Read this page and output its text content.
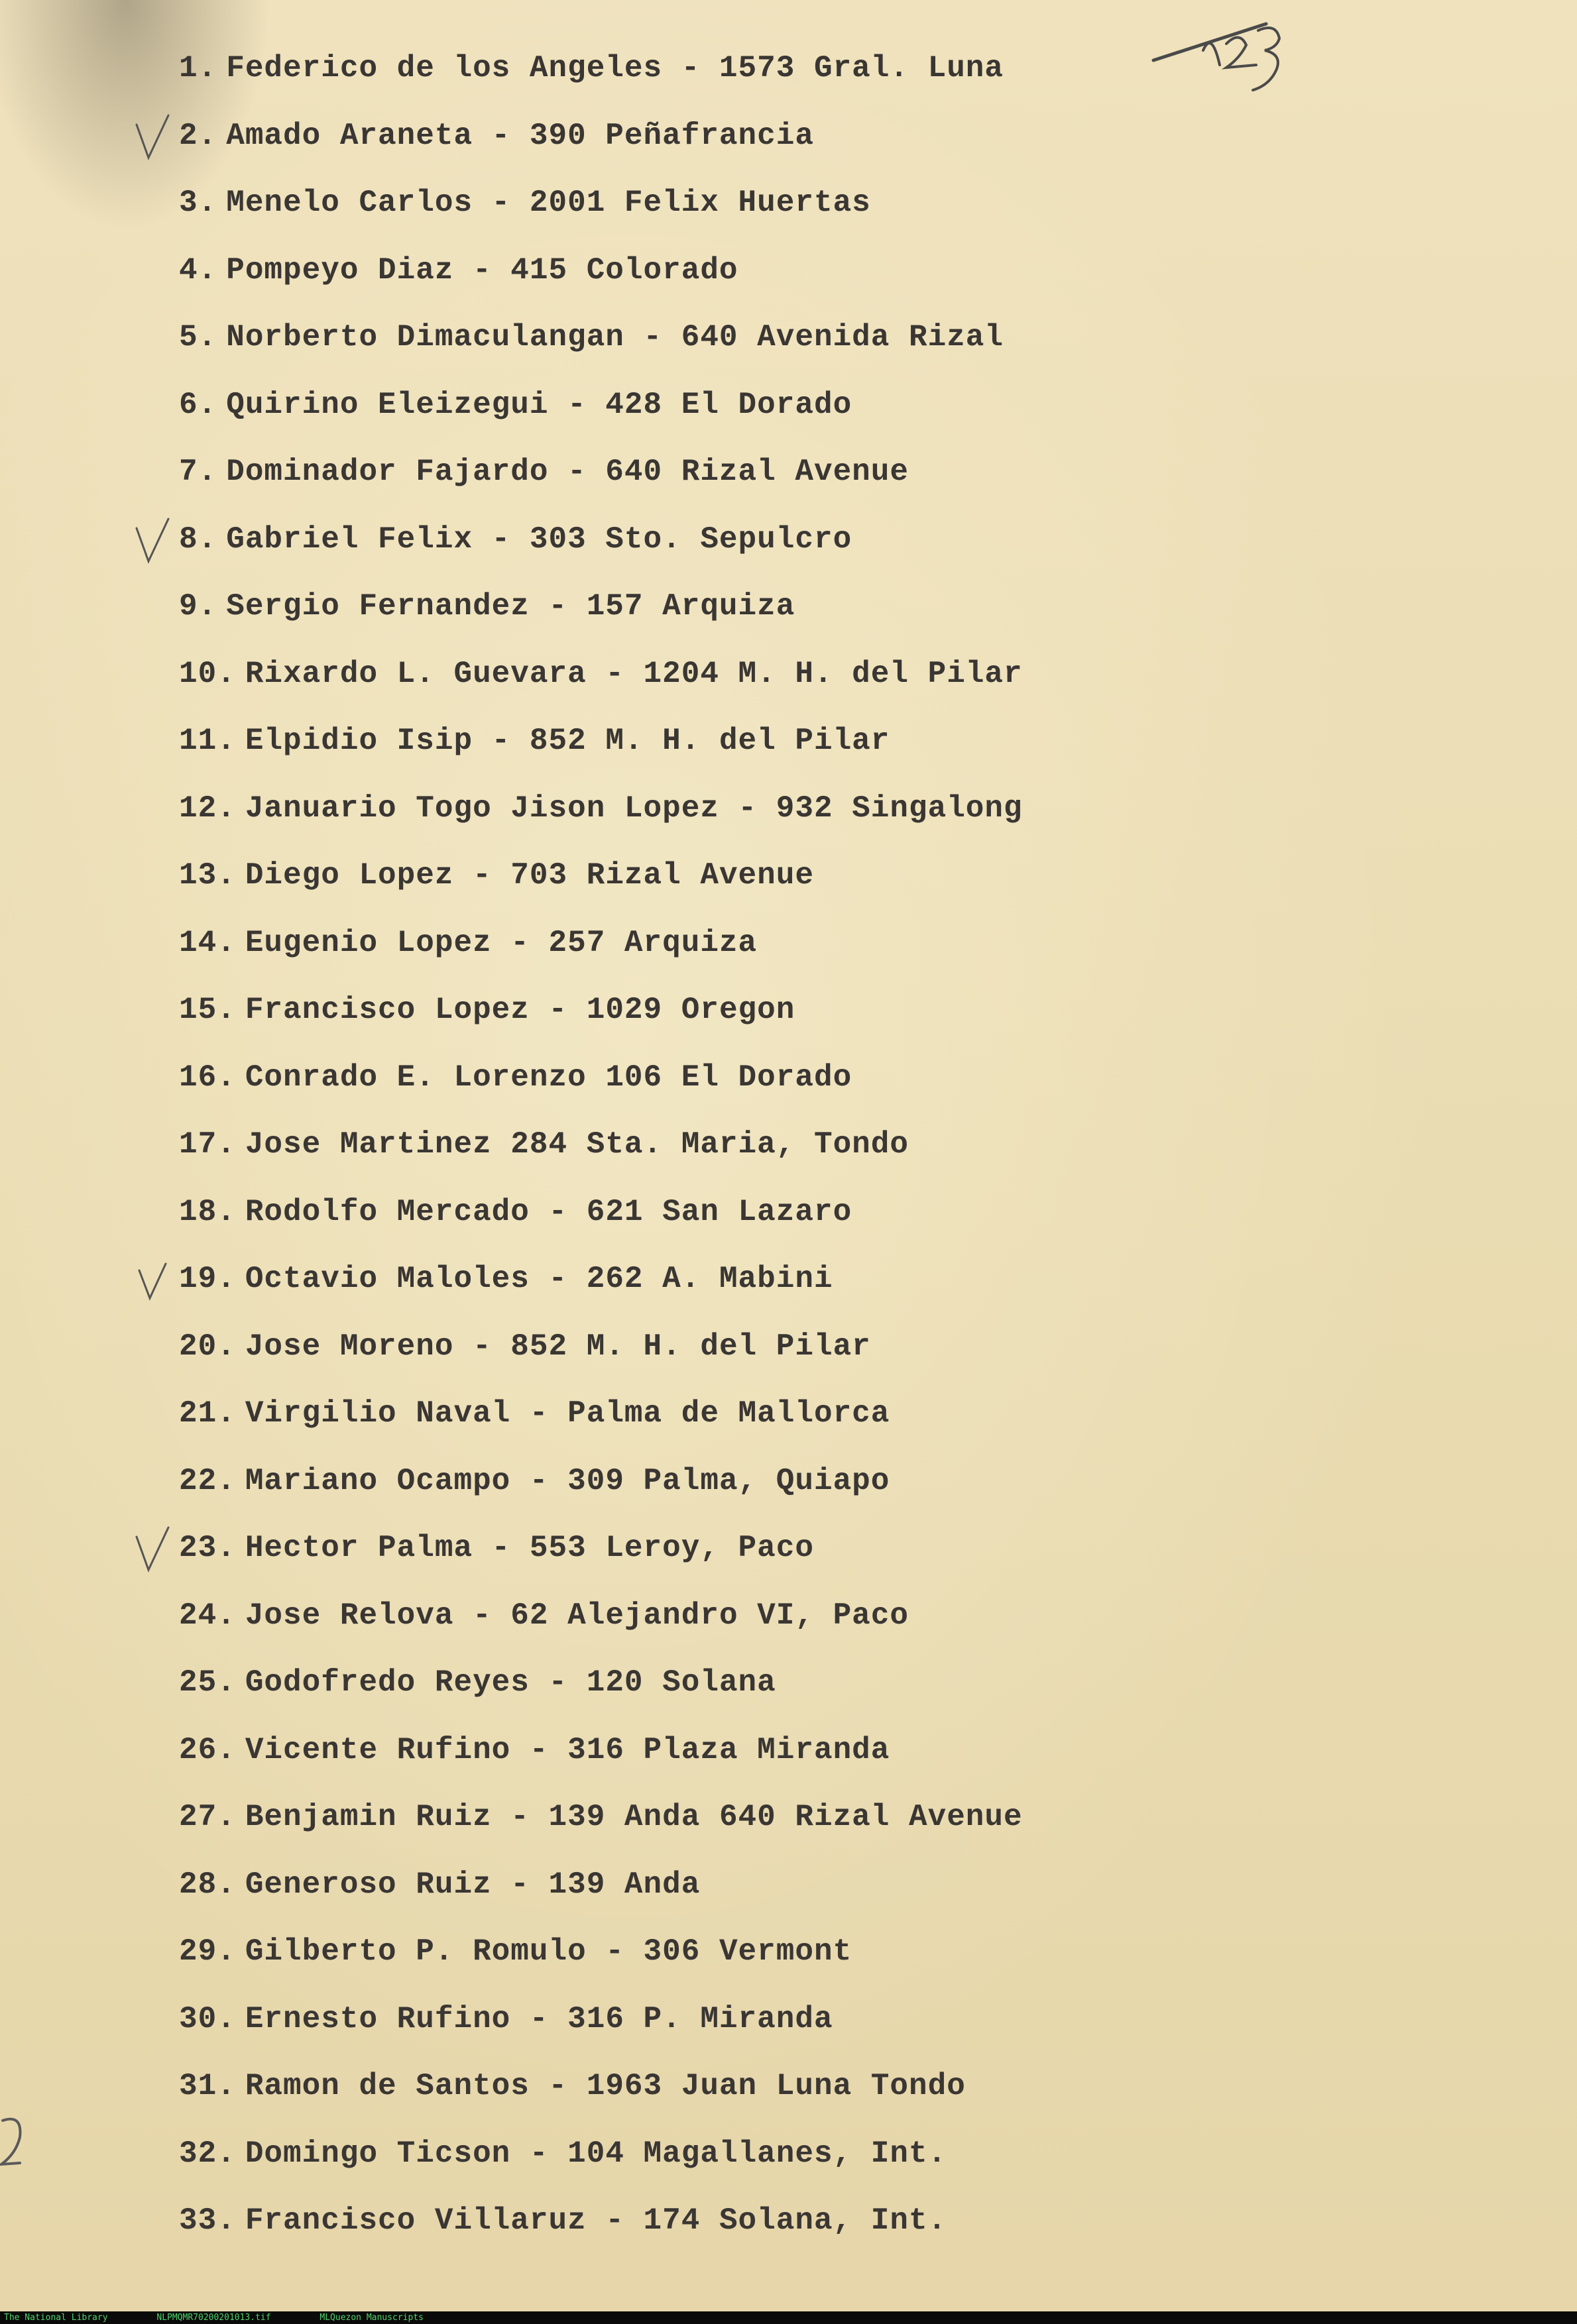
1. Federico de los Angeles - 1573 Gral. Luna
2. Amado Araneta - 390 Peñafrancia
3. Menelo Carlos - 2001 Felix Huertas
4. Pompeyo Diaz - 415 Colorado
5. Norberto Dimaculangan - 640 Avenida Rizal
6. Quirino Eleizegui - 428 El Dorado
7. Dominador Fajardo - 640 Rizal Avenue
8. Gabriel Felix - 303 Sto. Sepulcro
9. Sergio Fernandez - 157 Arquiza
10. Rixardo L. Guevara - 1204 M. H. del Pilar
11. Elpidio Isip - 852 M. H. del Pilar
12. Januario Togo Jison Lopez - 932 Singalong
13. Diego Lopez - 703 Rizal Avenue
14. Eugenio Lopez - 257 Arquiza
15. Francisco Lopez - 1029 Oregon
16. Conrado E. Lorenzo 106 El Dorado
17. Jose Martinez 284 Sta. Maria, Tondo
18. Rodolfo Mercado - 621 San Lazaro
19. Octavio Maloles - 262 A. Mabini
20. Jose Moreno - 852 M. H. del Pilar
21. Virgilio Naval - Palma de Mallorca
22. Mariano Ocampo - 309 Palma, Quiapo
23. Hector Palma - 553 Leroy, Paco
24. Jose Relova - 62 Alejandro VI, Paco
25. Godofredo Reyes - 120 Solana
26. Vicente Rufino - 316 Plaza Miranda
27. Benjamin Ruiz - 139 Anda 640 Rizal Avenue
28. Generoso Ruiz - 139 Anda
29. Gilberto P. Romulo - 306 Vermont
30. Ernesto Rufino - 316 P. Miranda
31. Ramon de Santos - 1963 Juan Luna Tondo
32. Domingo Ticson - 104 Magallanes, Int.
33. Francisco Villaruz - 174 Solana, Int.
The National Library	NLPMQMR70200201013.tif	MLQuezon Manuscripts
